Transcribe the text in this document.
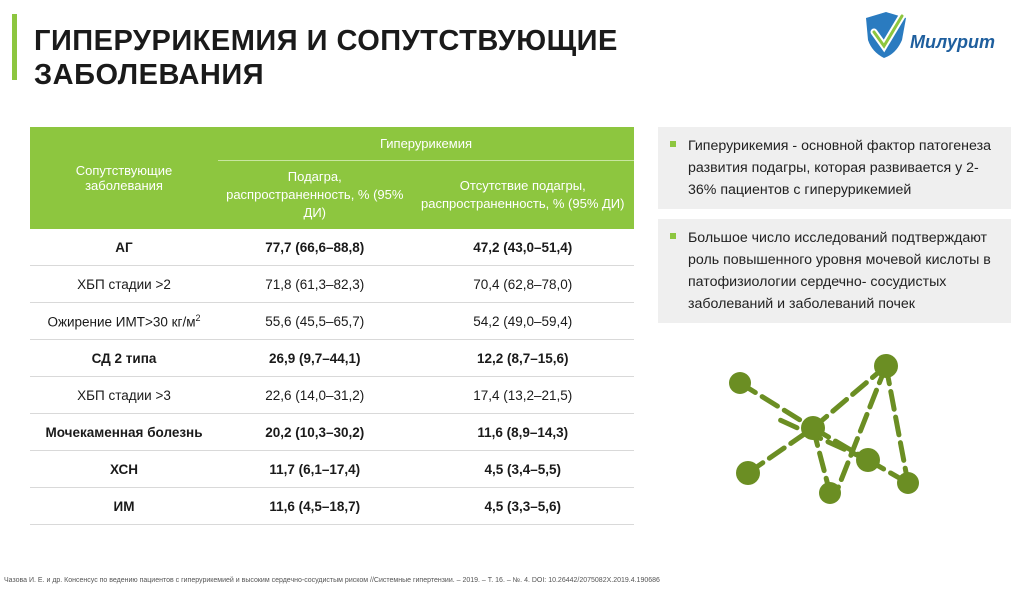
ГИПЕРУРИКЕМИЯ И СОПУТСТВУЮЩИЕ ЗАБОЛЕВАНИЯ
Милурит
Сопутствующие заболевания	Гиперурикемия	
	Подагра, распространенность, % (95% ДИ)	Отсутствие подагры, распространенность, % (95% ДИ)
АГ	77,7 (66,6–88,8)	47,2 (43,0–51,4)
ХБП стадии >2	71,8 (61,3–82,3)	70,4 (62,8–78,0)
Ожирение ИМТ>30 $кг/м^2$	55,6 (45,5–65,7)	54,2 (49,0–59,4)
СД 2 типа	26,9 (9,7–44,1)	12,2 (8,7–15,6)
ХБП стадии >3	22,6 (14,0–31,2)	17,4 (13,2–21,5)
Мочекаменная болезнь	20,2 (10,3–30,2)	11,6 (8,9–14,3)
ХСН	11,7 (6,1–17,4)	4,5 (3,4–5,5)
ИМ	11,6 (4,5–18,7)	4,5 (3,3–5,6)
Гиперурикемия - основной фактор патогенеза развития подагры, которая развивается у 2-36% пациентов с гиперурикемией
Большое число исследований подтверждают роль повышенного уровня мочевой кислоты в патофизиологии сердечно- сосудистых заболеваний и заболеваний почек
Чазова И. Е. и др. Консенсус по ведению пациентов с гиперурикемией и высоким сердечно-сосудистым риском //Системные гипертензии. – 2019. – Т. 16. – №. 4. DOI: 10.26442/2075082X.2019.4.190686
